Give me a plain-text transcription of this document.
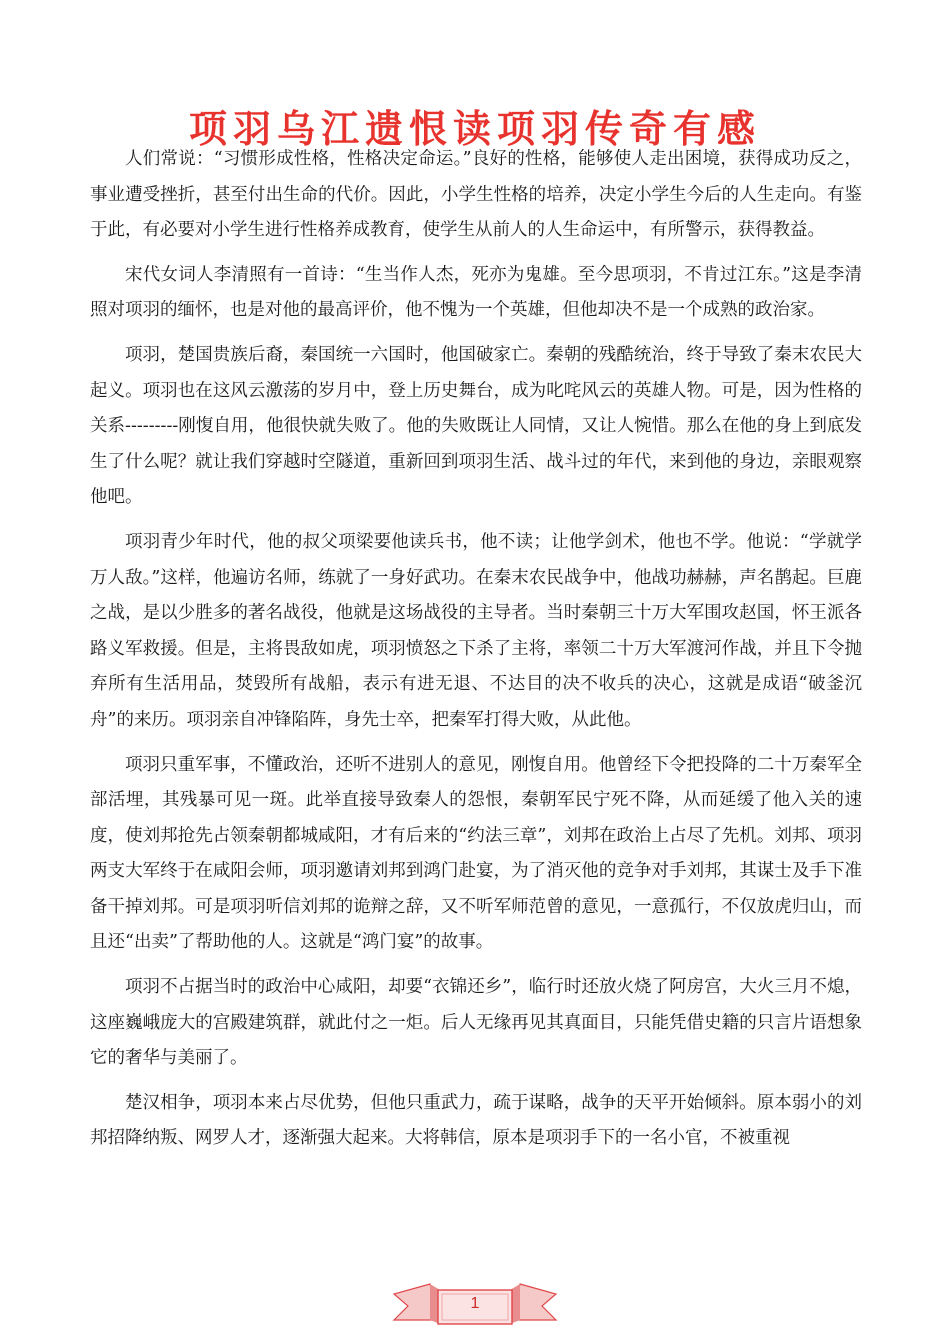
项羽乌江遗恨读项羽传奇有感

人们常说：“习惯形成性格，性格决定命运。”良好的性格，能够使人走出困境，获得成功反之，事业遭受挫折，甚至付出生命的代价。因此，小学生性格的培养，决定小学生今后的人生走向。有鉴于此，有必要对小学生进行性格养成教育，使学生从前人的人生命运中，有所警示，获得教益。

宋代女词人李清照有一首诗：“生当作人杰，死亦为鬼雄。至今思项羽，不肯过江东。”这是李清照对项羽的缅怀，也是对他的最高评价，他不愧为一个英雄，但他却决不是一个成熟的政治家。

项羽，楚国贵族后裔，秦国统一六国时，他国破家亡。秦朝的残酷统治，终于导致了秦末农民大起义。项羽也在这风云激荡的岁月中，登上历史舞台，成为叱咤风云的英雄人物。可是，因为性格的关系---------刚愎自用，他很快就失败了。他的失败既让人同情，又让人惋惜。那么在他的身上到底发生了什么呢？就让我们穿越时空隧道，重新回到项羽生活、战斗过的年代，来到他的身边，亲眼观察他吧。

项羽青少年时代，他的叔父项梁要他读兵书，他不读；让他学剑术，他也不学。他说：“学就学万人敌。”这样，他遍访名师，练就了一身好武功。在秦末农民战争中，他战功赫赫，声名鹊起。巨鹿之战，是以少胜多的著名战役，他就是这场战役的主导者。当时秦朝三十万大军围攻赵国，怀王派各路义军救援。但是，主将畏敌如虎，项羽愤怒之下杀了主将，率领二十万大军渡河作战，并且下令抛弃所有生活用品，焚毁所有战船，表示有进无退、不达目的决不收兵的决心，这就是成语“破釜沉舟”的来历。项羽亲自冲锋陷阵，身先士卒，把秦军打得大败，从此他。

项羽只重军事，不懂政治，还听不进别人的意见，刚愎自用。他曾经下令把投降的二十万秦军全部活埋，其残暴可见一斑。此举直接导致秦人的怨恨，秦朝军民宁死不降，从而延缓了他入关的速度，使刘邦抢先占领秦朝都城咸阳，才有后来的“约法三章”，刘邦在政治上占尽了先机。刘邦、项羽两支大军终于在咸阳会师，项羽邀请刘邦到鸿门赴宴，为了消灭他的竞争对手刘邦，其谋士及手下准备干掉刘邦。可是项羽听信刘邦的诡辩之辞，又不听军师范曾的意见，一意孤行，不仅放虎归山，而且还“出卖”了帮助他的人。这就是“鸿门宴”的故事。

项羽不占据当时的政治中心咸阳，却要“衣锦还乡”，临行时还放火烧了阿房宫，大火三月不熄，这座巍峨庞大的宫殿建筑群，就此付之一炬。后人无缘再见其真面目，只能凭借史籍的只言片语想象它的奢华与美丽了。

楚汉相争，项羽本来占尽优势，但他只重武力，疏于谋略，战争的天平开始倾斜。原本弱小的刘邦招降纳叛、网罗人才，逐渐强大起来。大将韩信，原本是项羽手下的一名小官，不被重视

1
